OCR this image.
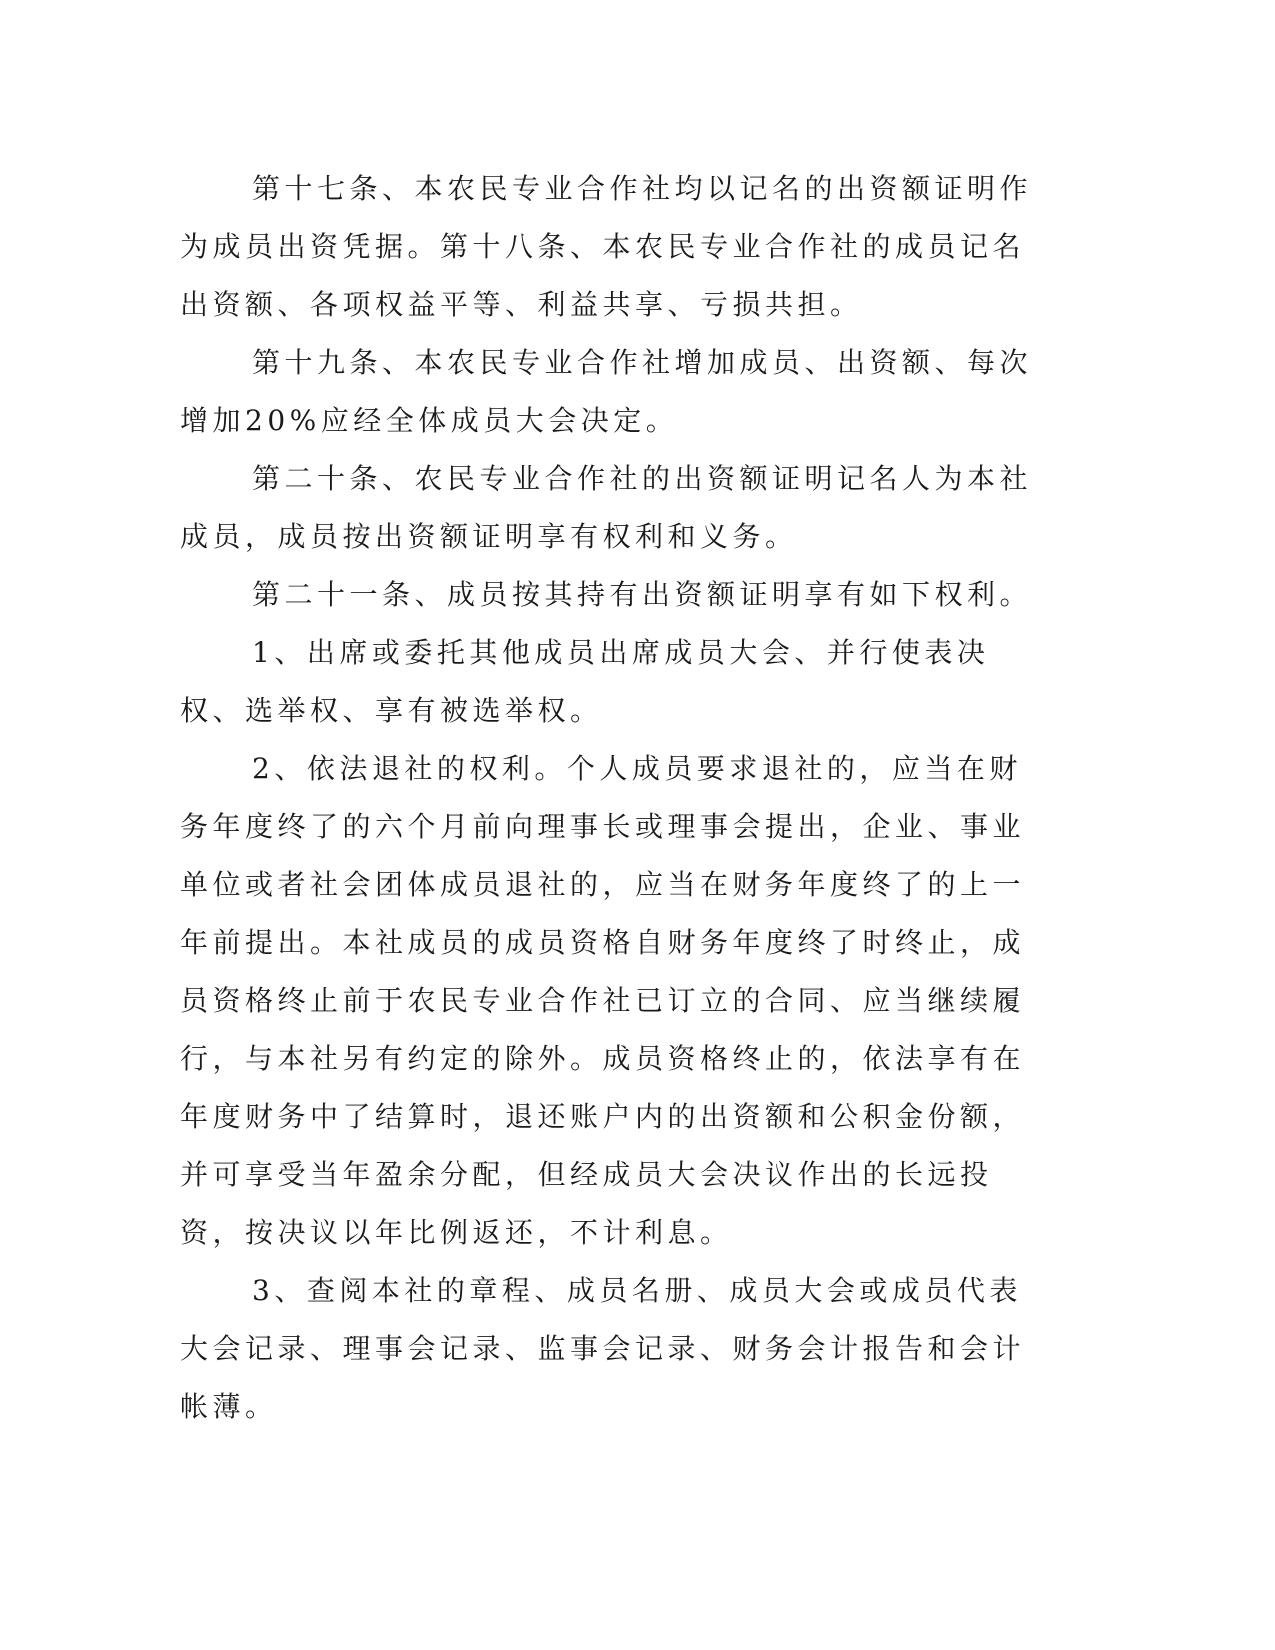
第十七条、本农民专业合作社均以记名的出资额证明作为成员出资凭据。第十八条、本农民专业合作社的成员记名出资额、各项权益平等、利益共享、亏损共担。

第十九条、本农民专业合作社增加成员、出资额、每次增加20%应经全体成员大会决定。

第二十条、农民专业合作社的出资额证明记名人为本社成员，成员按出资额证明享有权利和义务。

第二十一条、成员按其持有出资额证明享有如下权利。

1、出席或委托其他成员出席成员大会、并行使表决权、选举权、享有被选举权。

2、依法退社的权利。个人成员要求退社的，应当在财务年度终了的六个月前向理事长或理事会提出，企业、事业单位或者社会团体成员退社的，应当在财务年度终了的上一年前提出。本社成员的成员资格自财务年度终了时终止，成员资格终止前于农民专业合作社已订立的合同、应当继续履行，与本社另有约定的除外。成员资格终止的，依法享有在年度财务中了结算时，退还账户内的出资额和公积金份额，并可享受当年盈余分配，但经成员大会决议作出的长远投资，按决议以年比例返还，不计利息。

3、查阅本社的章程、成员名册、成员大会或成员代表大会记录、理事会记录、监事会记录、财务会计报告和会计帐薄。
